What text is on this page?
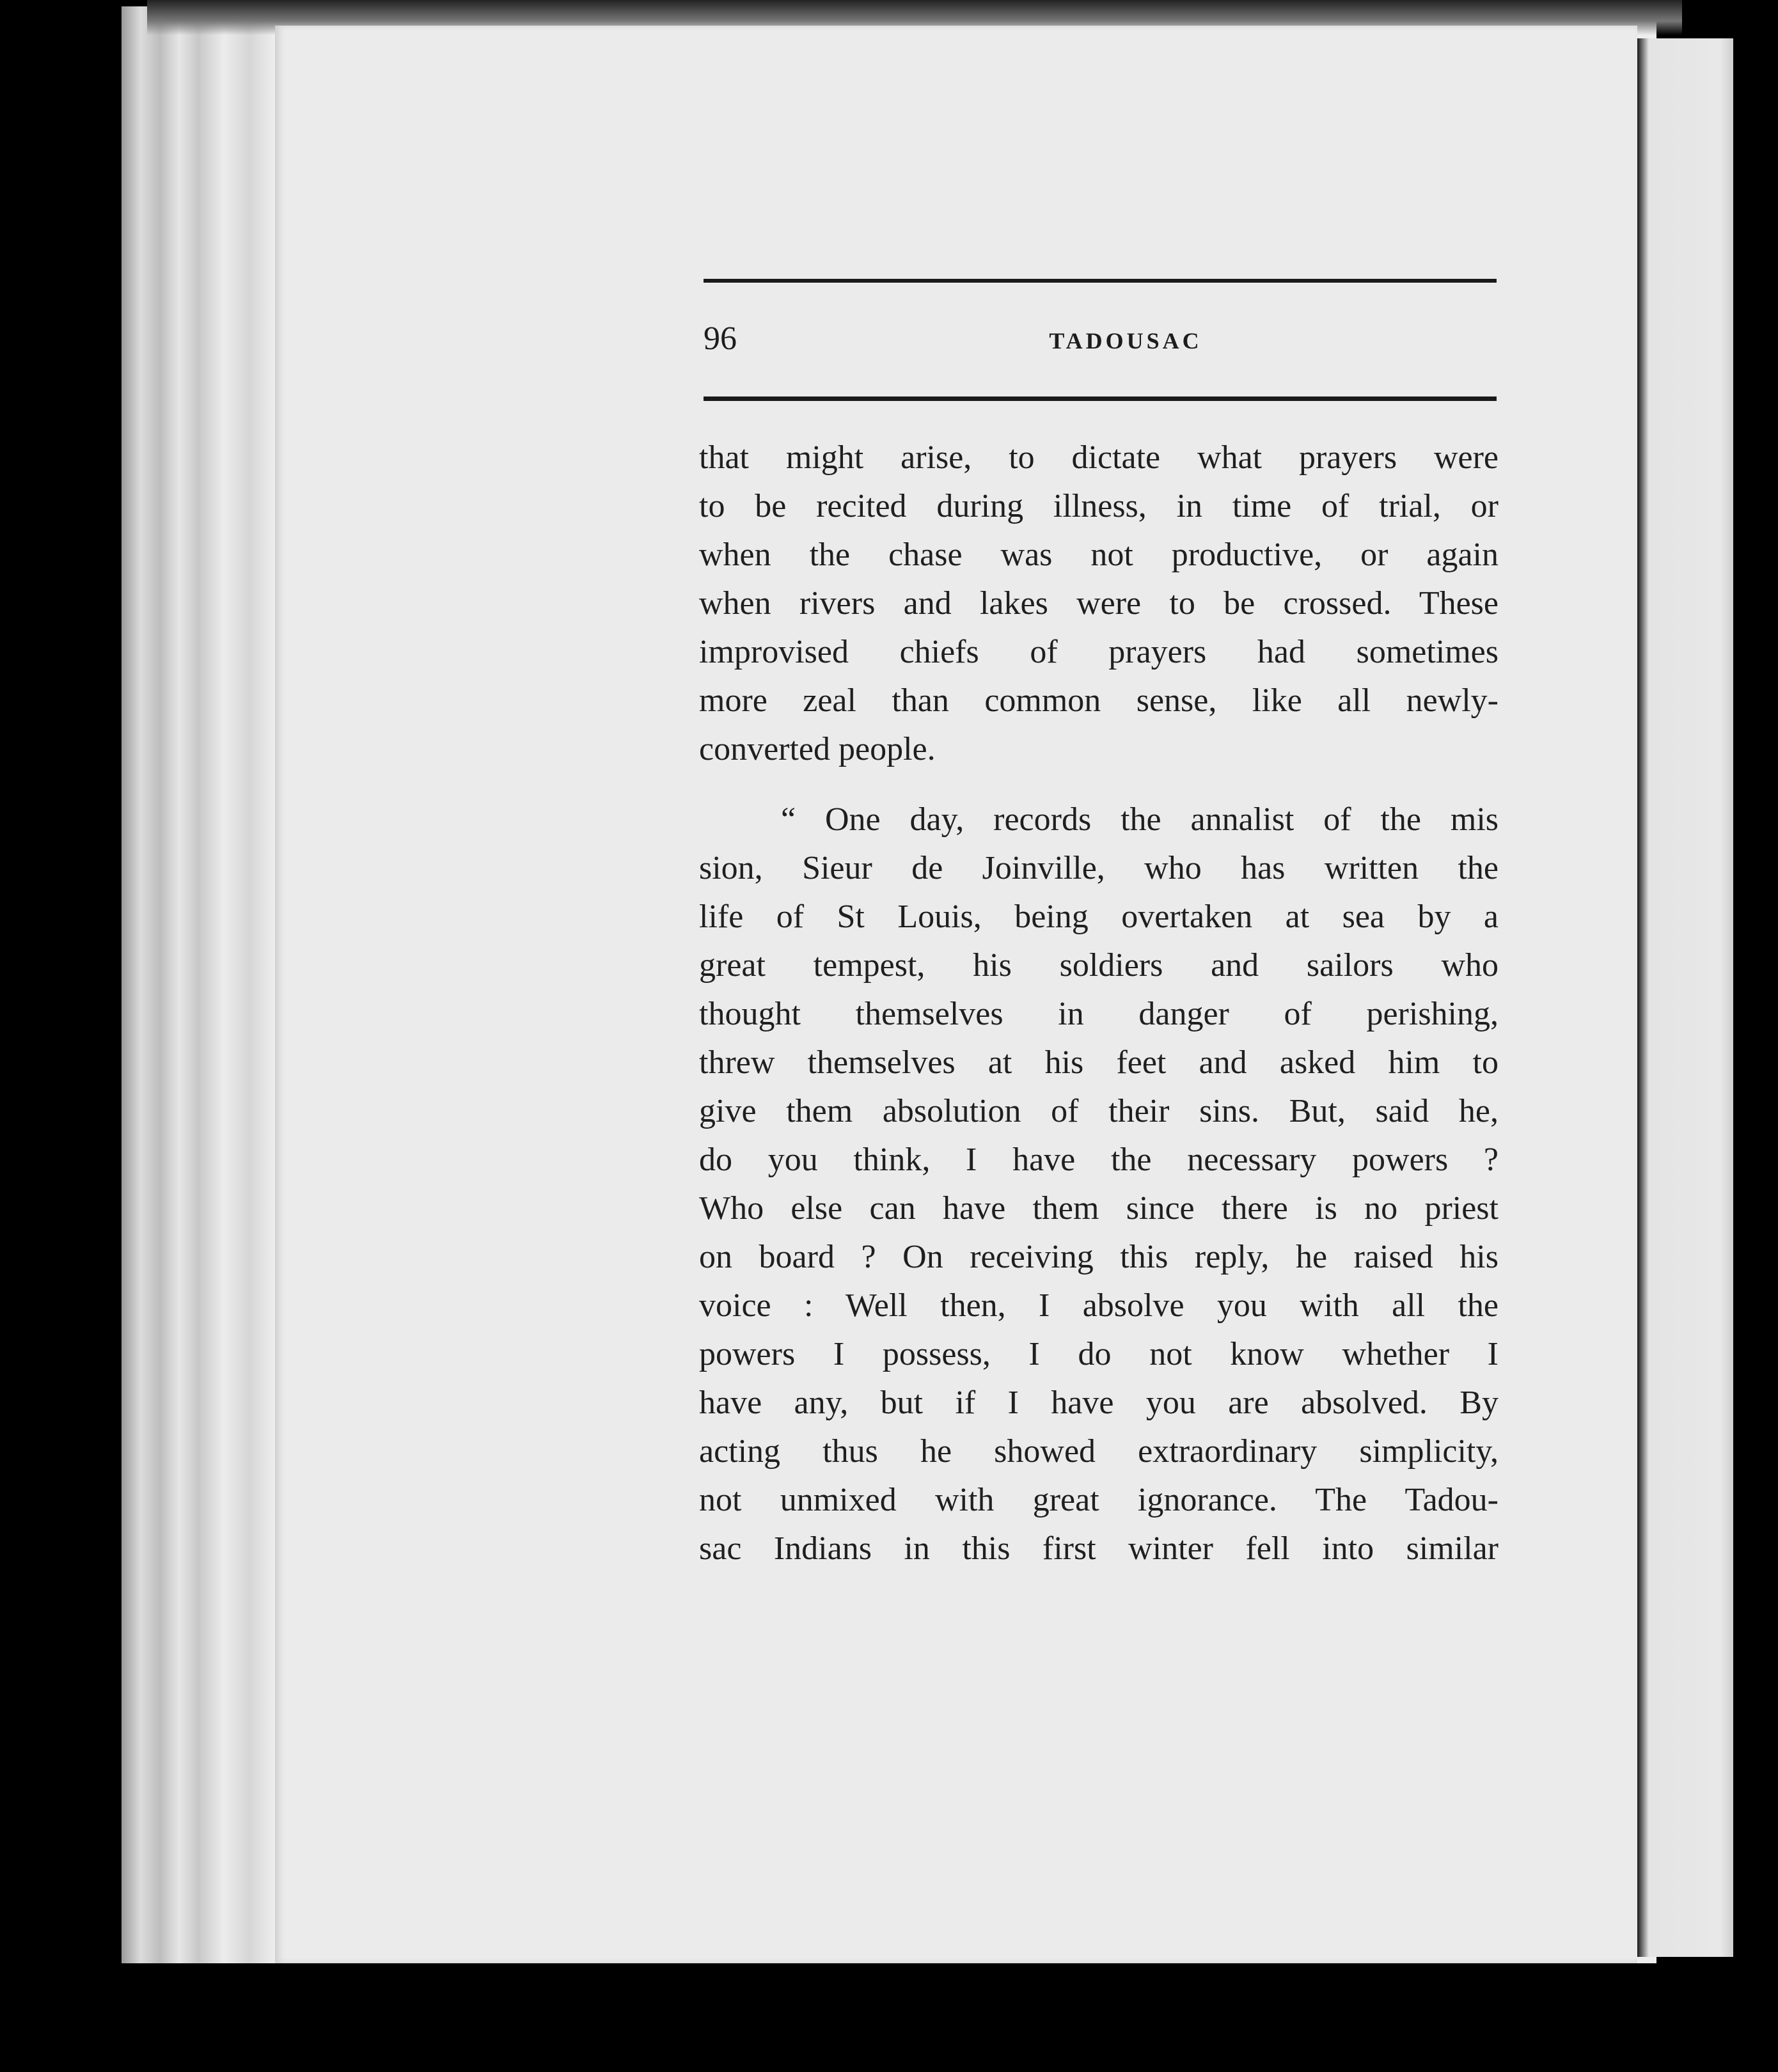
96	TADOUSAC
that might arise, to dictate what prayers were
to be recited during illness, in time of trial, or
when the chase was not productive, or again
when rivers and lakes were to be crossed. These
improvised chiefs of prayers had sometimes
more zeal than common sense, like all newly-
converted people.
“ One day, records the annalist of the mis
sion, Sieur de Joinville, who has written the
life of St Louis, being overtaken at sea by a
great tempest, his soldiers and sailors who
thought themselves in danger of perishing,
threw themselves at his feet and asked him to
give them absolution of their sins. But, said he,
do you think, I have the necessary powers ?
Who else can have them since there is no priest
on board ? On receiving this reply, he raised his
voice : Well then, I absolve you with all the
powers I possess, I do not know whether I
have any, but if I have you are absolved. By
acting thus he showed extraordinary simplicity,
not unmixed with great ignorance. The Tadou-
sac Indians in this first winter fell into similar
